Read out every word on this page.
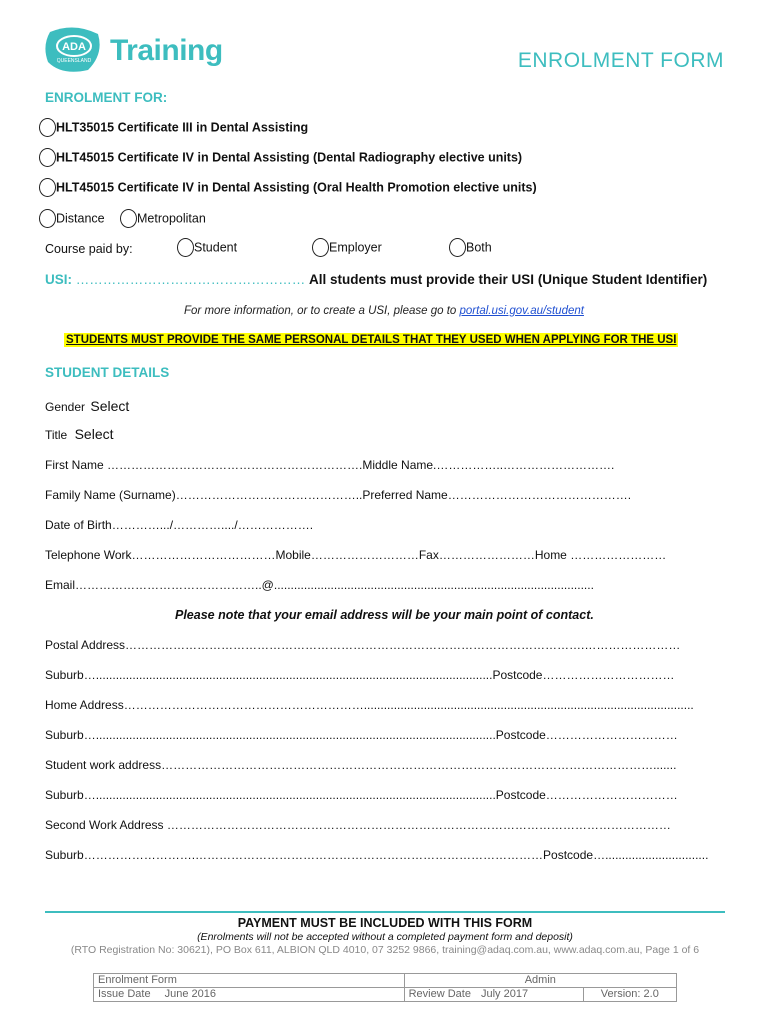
ADA
QUEENSLAND Training	ENROLMENT FORM
ENROLMENT FOR:
HLT35015 Certificate III in Dental Assisting
HLT45015 Certificate IV in Dental Assisting (Dental Radiography elective units)
HLT45015 Certificate IV in Dental Assisting (Oral Health Promotion elective units)
Distance	Metropolitan
Course paid by:	Student	Employer	Both
USI: …………………………………………… All students must provide their USI (Unique Student Identifier)
For more information, or to create a USI, please go to portal.usi.gov.au/student
STUDENTS MUST PROVIDE THE SAME PERSONAL DETAILS THAT THEY USED WHEN APPLYING FOR THE USI
STUDENT DETAILS
Gender Select
Title Select
First Name ……………………………………………………….Middle Name.……………..……………………….
Family Name (Surname)………………………………………..Preferred Name……………………………………….
Date of Birth………….../…………..../……………….
Telephone Work………………………………Mobile………………………Fax……………………Home ……………………
Email………………………………………..@................................................................................................
Please note that your email address will be your main point of contact.
Postal Address…………………………………………………………………………………………………….……………………
Suburb….......................................................................................................................Postcode……………………………
Home Address……………………………………………………...................................................................................................
Suburb…........................................................................................................................Postcode……………………………
Student work address…………………………………………………………………………………………………………….......
Suburb…........................................................................................................................Postcode……………………………
Second Work Address ………………………………………………………………………………………………………………
Suburb……………………….……………………………………………………………………………Postcode…...............................
PAYMENT MUST BE INCLUDED WITH THIS FORM
(Enrolments will not be accepted without a completed payment form and deposit)
(RTO Registration No: 30621), PO Box 611, ALBION QLD 4010, 07 3252 9866, training@adaq.com.au, www.adaq.com.au, Page 1 of 6
Enrolment Form	Admin	
Issue Date June 2016	Review Date July 2017	Version: 2.0
